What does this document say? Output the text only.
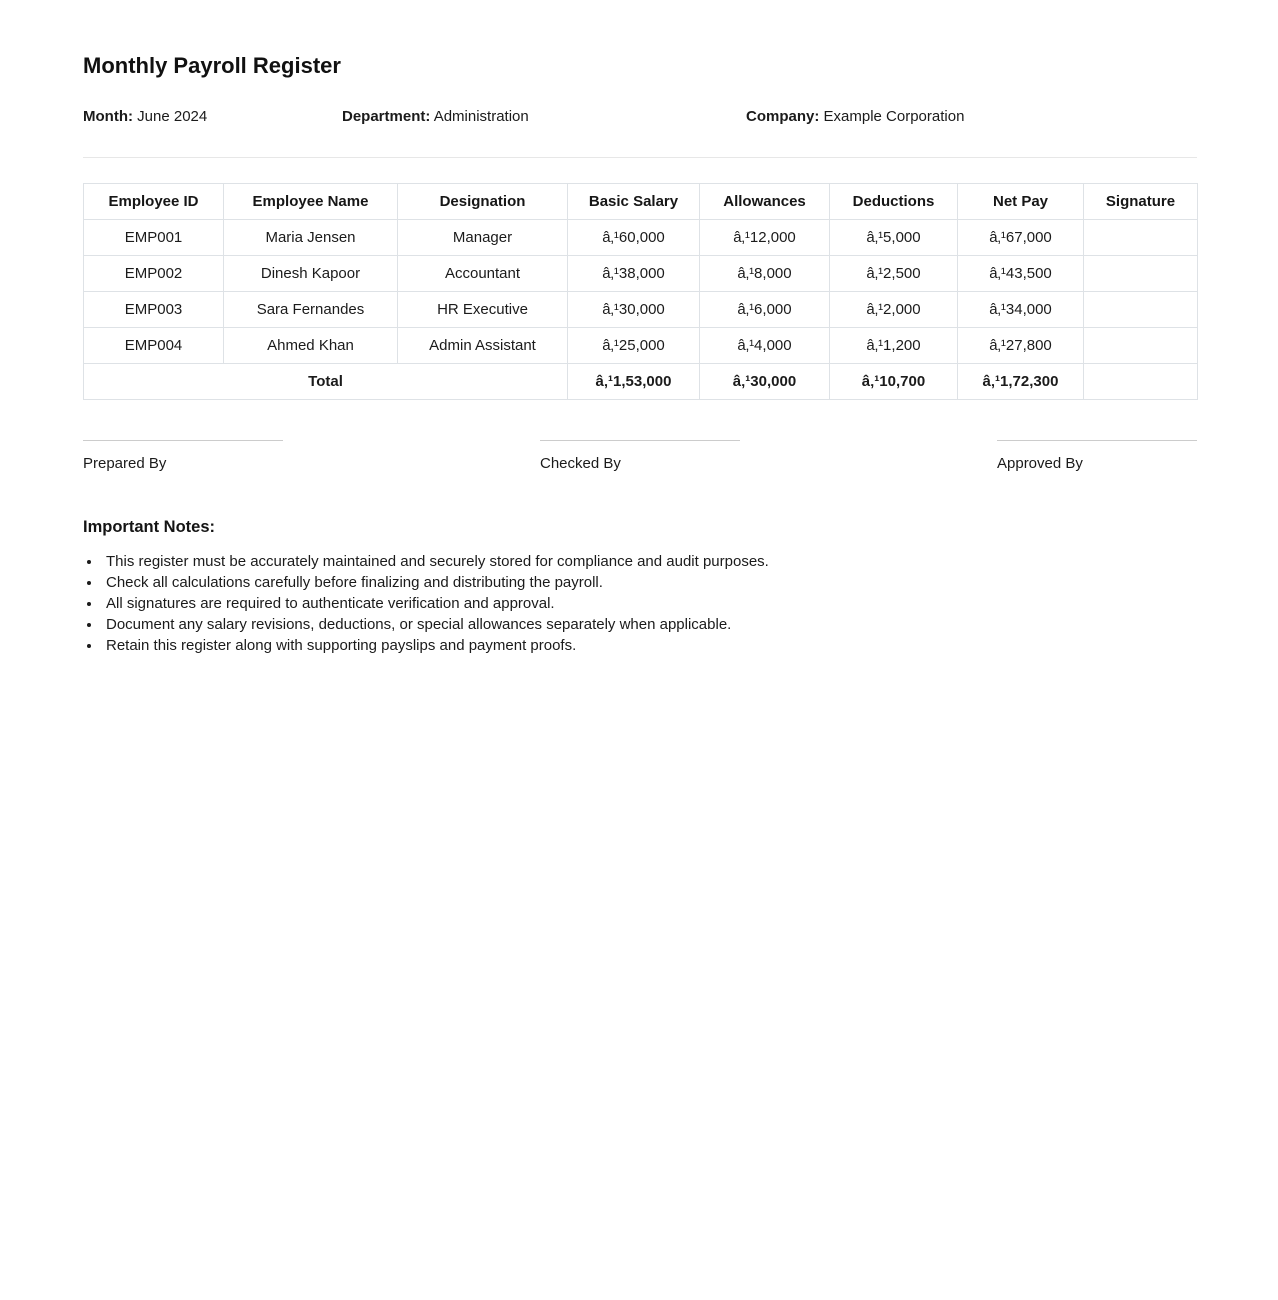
Monthly Payroll Register
Month: June 2024	Department: Administration	Company: Example Corporation
Employee ID	Employee Name	Designation	Basic Salary	Allowances	Deductions	Net Pay	Signature
EMP001	Maria Jensen	Manager	â‚¹60,000	â‚¹12,000	â‚¹5,000	â‚¹67,000	
EMP002	Dinesh Kapoor	Accountant	â‚¹38,000	â‚¹8,000	â‚¹2,500	â‚¹43,500	
EMP003	Sara Fernandes	HR Executive	â‚¹30,000	â‚¹6,000	â‚¹2,000	â‚¹34,000	
EMP004	Ahmed Khan	Admin Assistant	â‚¹25,000	â‚¹4,000	â‚¹1,200	â‚¹27,800	
Total			â‚¹1,53,000	â‚¹30,000	â‚¹10,700	â‚¹1,72,300	
Prepared By	Checked By	Approved By
Important Notes:
• This register must be accurately maintained and securely stored for compliance and audit purposes.
• Check all calculations carefully before finalizing and distributing the payroll.
• All signatures are required to authenticate verification and approval.
• Document any salary revisions, deductions, or special allowances separately when applicable.
• Retain this register along with supporting payslips and payment proofs.
